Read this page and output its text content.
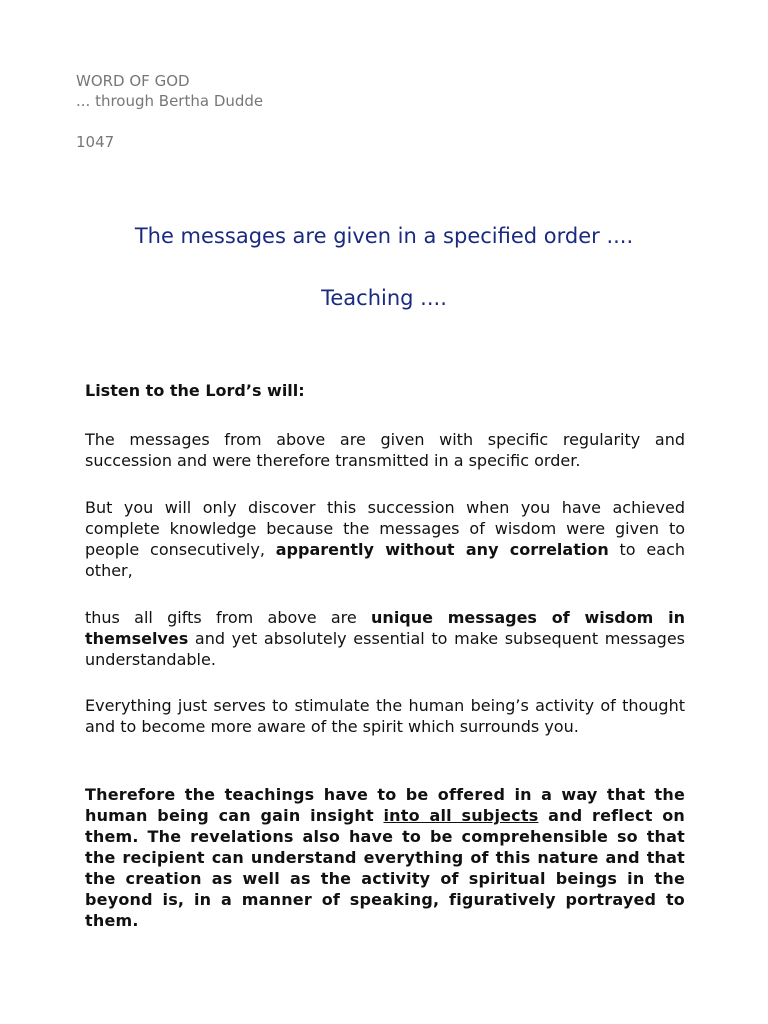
WORD OF GOD
... through Bertha Dudde
1047
The messages are given in a specified order ....
Teaching ....
Listen to the Lord’s will:
The messages from above are given with specific regularity and succession and were therefore transmitted in a specific order.
But you will only discover this succession when you have achieved complete knowledge because the messages of wisdom were given to people consecutively, apparently without any correlation to each other,
thus all gifts from above are unique messages of wisdom in themselves and yet absolutely essential to make subsequent messages understandable.
Everything just serves to stimulate the human being’s activity of thought and to become more aware of the spirit which surrounds you.
Therefore the teachings have to be offered in a way that the human being can gain insight into all subjects and reflect on them. The revelations also have to be comprehensible so that the recipient can understand everything of this nature and that the creation as well as the activity of spiritual beings in the beyond is, in a manner of speaking, figuratively portrayed to them.
